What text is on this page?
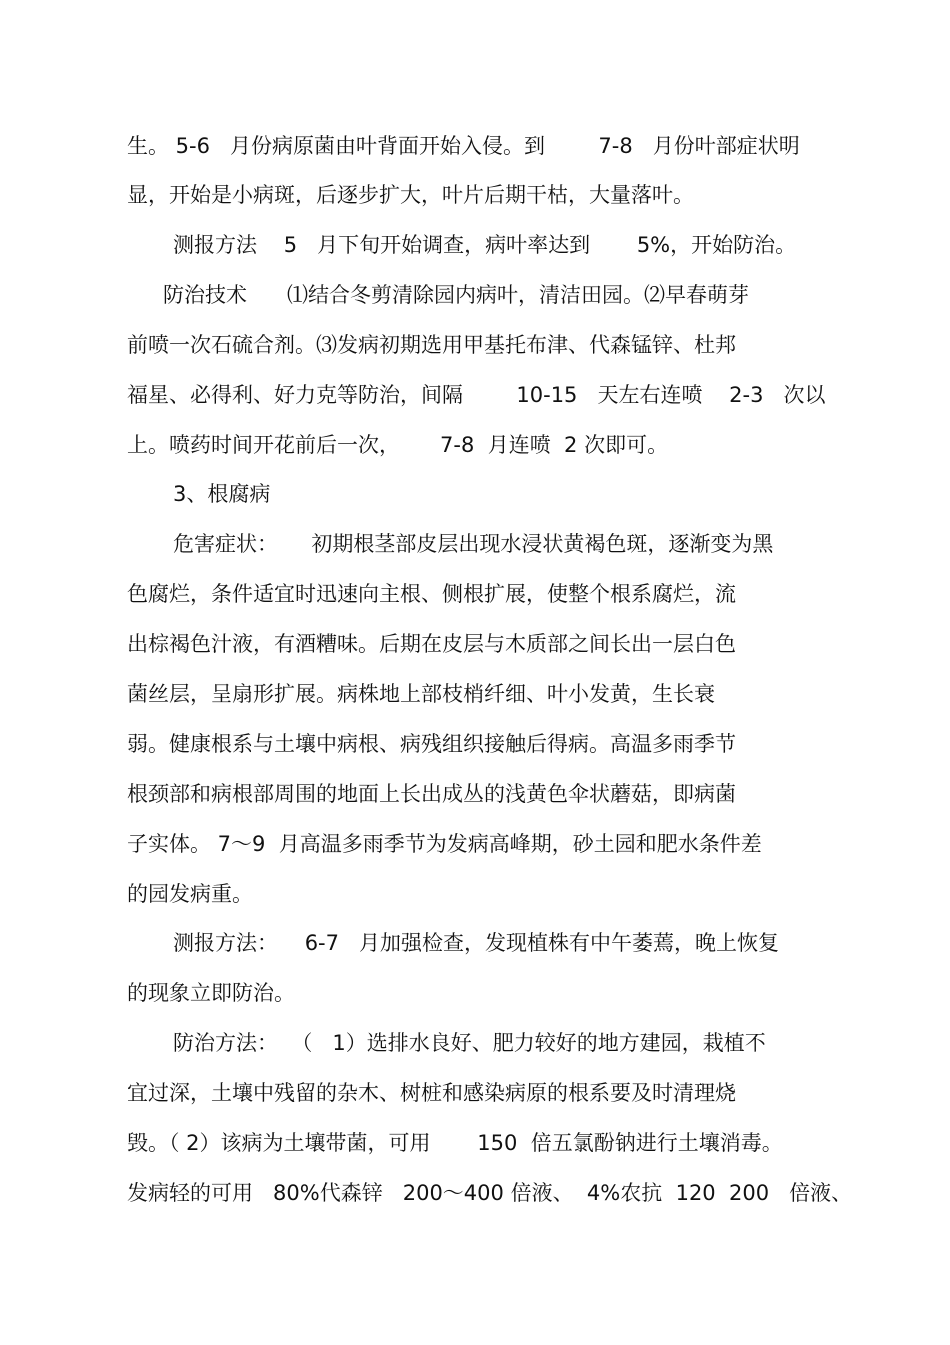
生。 5-6   月份病原菌由叶背面开始入侵。到        7-8   月份叶部症状明
显，开始是小病斑，后逐步扩大，叶片后期干枯，大量落叶。
测报方法    5   月下旬开始调查，病叶率达到       5%，开始防治。
防治技术      ⑴结合冬剪清除园内病叶，清洁田园。⑵早春萌芽
前喷一次石硫合剂。⑶发病初期选用甲基托布津、代森锰锌、杜邦
福星、必得利、好力克等防治，间隔        10-15   天左右连喷    2-3   次以
上。喷药时间开花前后一次，      7-8  月连喷  2 次即可。
3、根腐病
危害症状：     初期根茎部皮层出现水浸状黄褐色斑，逐渐变为黑
色腐烂，条件适宜时迅速向主根、侧根扩展，使整个根系腐烂，流
出棕褐色汁液，有酒糟味。后期在皮层与木质部之间长出一层白色
菌丝层，呈扇形扩展。病株地上部枝梢纤细、叶小发黄，生长衰
弱。健康根系与土壤中病根、病残组织接触后得病。高温多雨季节
根颈部和病根部周围的地面上长出成丛的浅黄色伞状蘑菇，即病菌
子实体。 7～9  月高温多雨季节为发病高峰期，砂土园和肥水条件差
的园发病重。
测报方法：    6-7   月加强检查，发现植株有中午萎蔫，晚上恢复
的现象立即防治。
防治方法：  （   1）选排水良好、肥力较好的地方建园，栽植不
宜过深，土壤中残留的杂木、树桩和感染病原的根系要及时清理烧
毁。（ 2）该病为土壤带菌，可用       150  倍五氯酚钠进行土壤消毒。
发病轻的可用   80%代森锌   200～400 倍液、  4%农抗  120  200   倍液、
